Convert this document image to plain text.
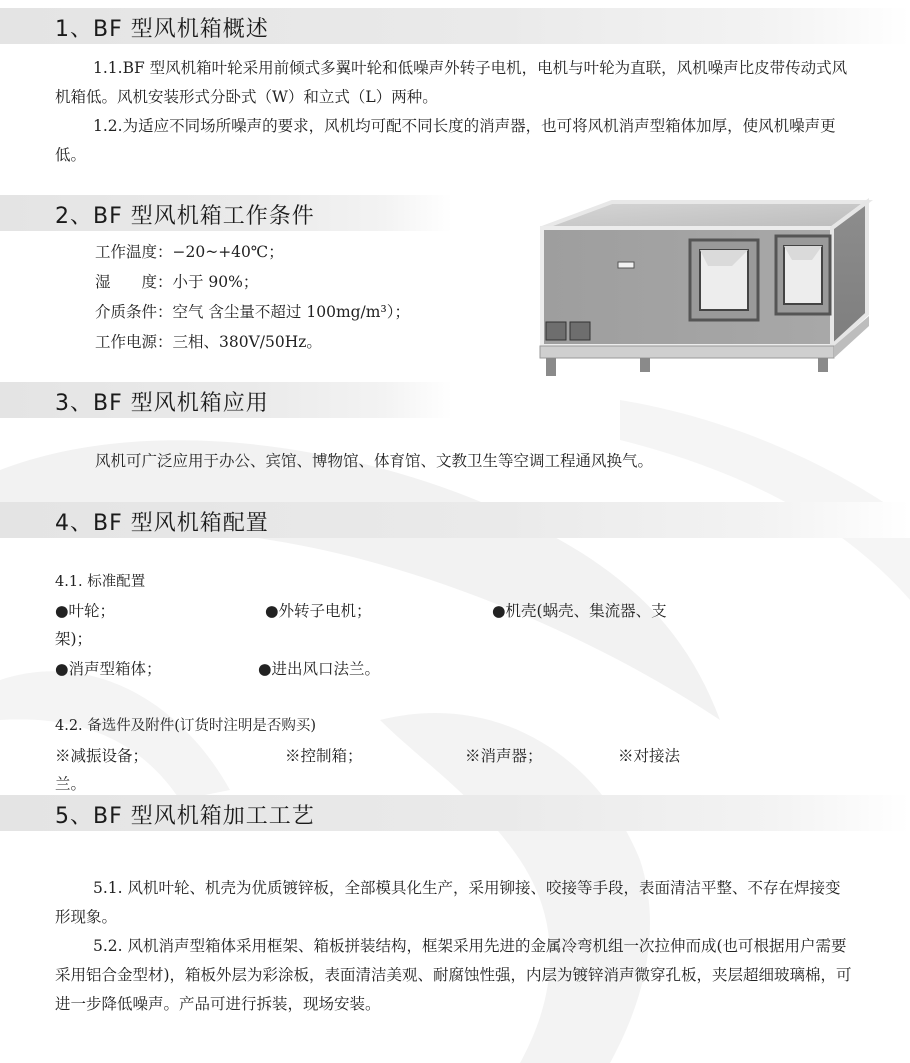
1、BF 型风机箱概述
1.1.BF 型风机箱叶轮采用前倾式多翼叶轮和低噪声外转子电机，电机与叶轮为直联，风机噪声比皮带传动式风机箱低。风机安装形式分卧式（W）和立式（L）两种。
1.2.为适应不同场所噪声的要求，风机均可配不同长度的消声器，也可将风机消声型箱体加厚，使风机噪声更低。
2、BF 型风机箱工作条件
工作温度：−20~+40℃；
湿　　度：小于 90%；
介质条件：空气 含尘量不超过 100mg/m³）；
工作电源：三相、380V/50Hz。
3、BF 型风机箱应用
风机可广泛应用于办公、宾馆、博物馆、体育馆、文教卫生等空调工程通风换气。
4、BF 型风机箱配置
4.1. 标准配置
●叶轮；	●外转子电机；	●机壳(蜗壳、集流器、支
架)；
●消声型箱体；	●进出风口法兰。
4.2. 备选件及附件(订货时注明是否购买)
※减振设备；	※控制箱；	※消声器；	※对接法
兰。
5、BF 型风机箱加工工艺
5.1. 风机叶轮、机壳为优质镀锌板，全部模具化生产，采用铆接、咬接等手段，表面清洁平整、不存在焊接变形现象。
5.2. 风机消声型箱体采用框架、箱板拼装结构，框架采用先进的金属冷弯机组一次拉伸而成(也可根据用户需要采用铝合金型材)，箱板外层为彩涂板，表面清洁美观、耐腐蚀性强，内层为镀锌消声微穿孔板，夹层超细玻璃棉，可进一步降低噪声。产品可进行拆装，现场安装。
